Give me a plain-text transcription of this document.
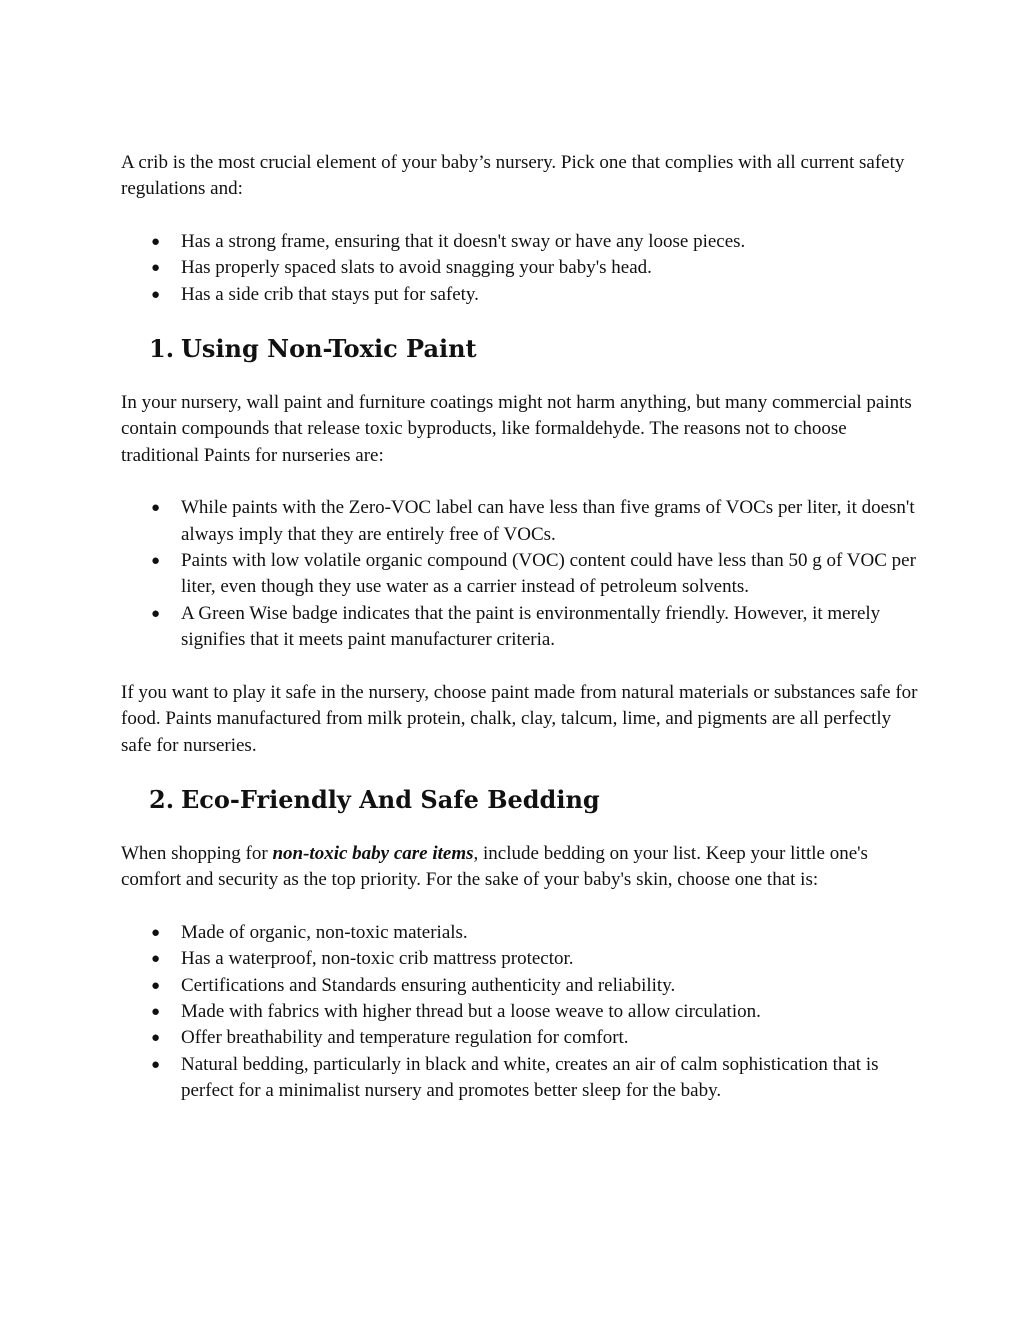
A crib is the most crucial element of your baby’s nursery. Pick one that complies with all current safety regulations and:

● Has a strong frame, ensuring that it doesn't sway or have any loose pieces.
● Has properly spaced slats to avoid snagging your baby's head.
● Has a side crib that stays put for safety.
1. Using Non-Toxic Paint

In your nursery, wall paint and furniture coatings might not harm anything, but many commercial paints contain compounds that release toxic byproducts, like formaldehyde. The reasons not to choose traditional Paints for nurseries are:

● While paints with the Zero-VOC label can have less than five grams of VOCs per liter, it doesn't always imply that they are entirely free of VOCs.
● Paints with low volatile organic compound (VOC) content could have less than 50 g of VOC per liter, even though they use water as a carrier instead of petroleum solvents.
● A Green Wise badge indicates that the paint is environmentally friendly. However, it merely signifies that it meets paint manufacturer criteria.

If you want to play it safe in the nursery, choose paint made from natural materials or substances safe for food. Paints manufactured from milk protein, chalk, clay, talcum, lime, and pigments are all perfectly safe for nurseries.

2. Eco-Friendly And Safe Bedding

When shopping for non-toxic baby care items, include bedding on your list. Keep your little one's comfort and security as the top priority. For the sake of your baby's skin, choose one that is:

● Made of organic, non-toxic materials.
● Has a waterproof, non-toxic crib mattress protector.
● Certifications and Standards ensuring authenticity and reliability.
● Made with fabrics with higher thread but a loose weave to allow circulation.
● Offer breathability and temperature regulation for comfort.
● Natural bedding, particularly in black and white, creates an air of calm sophistication that is perfect for a minimalist nursery and promotes better sleep for the baby.
